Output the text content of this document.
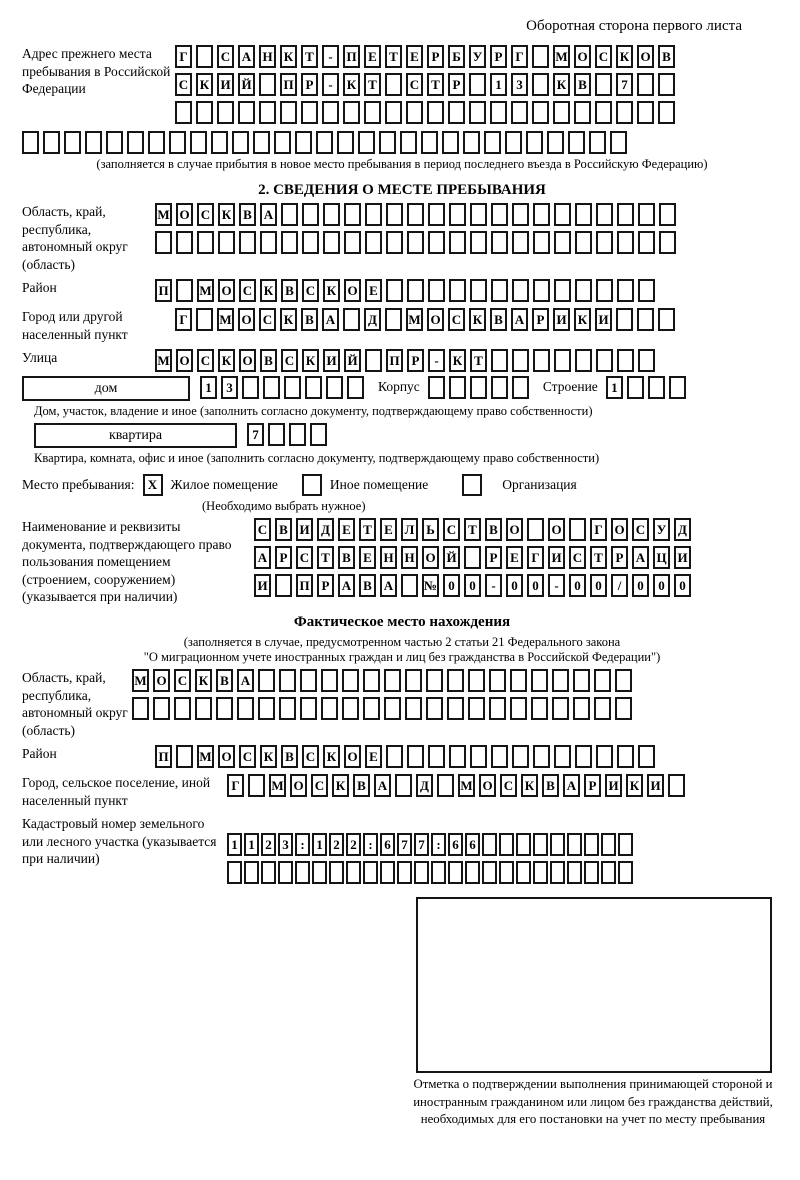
Оборотная сторона первого листа
Адрес прежнего места пребывания в Российской Федерации
Г	С А Н К Т	-	П Е Т Е Р Б У Р Г	М О С К О В
С К И Й П Р	-	К Т	С Т Р	1	3	К В	7
(заполняется в случае прибытия в новое место пребывания в период последнего въезда в Российскую Федерацию)
2. СВЕДЕНИЯ О МЕСТЕ ПРЕБЫВАНИЯ
Область, край, республика, автономный округ (область)
М О С К В А
Район	П М О С К В С К О Е
Город или другой населенный пункт
Г	М О С К В А	Д	М О С К В А Р И К И
Улица	М О С К О В С К И Й П Р	-	К Т
дом	1	3	Корпус	Строение	1
Дом, участок, владение и иное (заполнить согласно документу, подтверждающему право собственности)
квартира	7
Квартира, комната, офис и иное (заполнить согласно документу, подтверждающему право собственности)
Место пребывания:	X Жилое помещение	Иное помещение	Организация
(Необходимо выбрать нужное)
Наименование и реквизиты документа, подтверждающего право пользования помещением (строением, сооружением) (указывается при наличии)
С В И Д Е Т Е Л Ь С Т В О О	Г О С У Д
А Р С Т В Е Н Н О Й	Р Е Г И С Т Р А Ц И
И П Р А В А № 0	0	-	0	0	-	0	0	/	0	0	0
Фактическое место нахождения
(заполняется в случае, предусмотренном частью 2 статьи 21 Федерального закона
"О миграционном учете иностранных граждан и лиц без гражданства в Российской Федерации")
Область, край, республика, автономный округ (область)
М О С К В А
Район	П М О С К В С К О Е
Город, сельское поселение, иной населенный пункт
Г	М О С К В А	Д	М О С К В А Р И К И
Кадастровый номер земельного или лесного участка (указывается при наличии)
1 1 2 3 : 1 2 2 : 6 7 7 : 6 6
Отметка о подтверждении выполнения принимающей стороной и иностранным гражданином или лицом без гражданства действий, необходимых для его постановки на учет по месту пребывания
